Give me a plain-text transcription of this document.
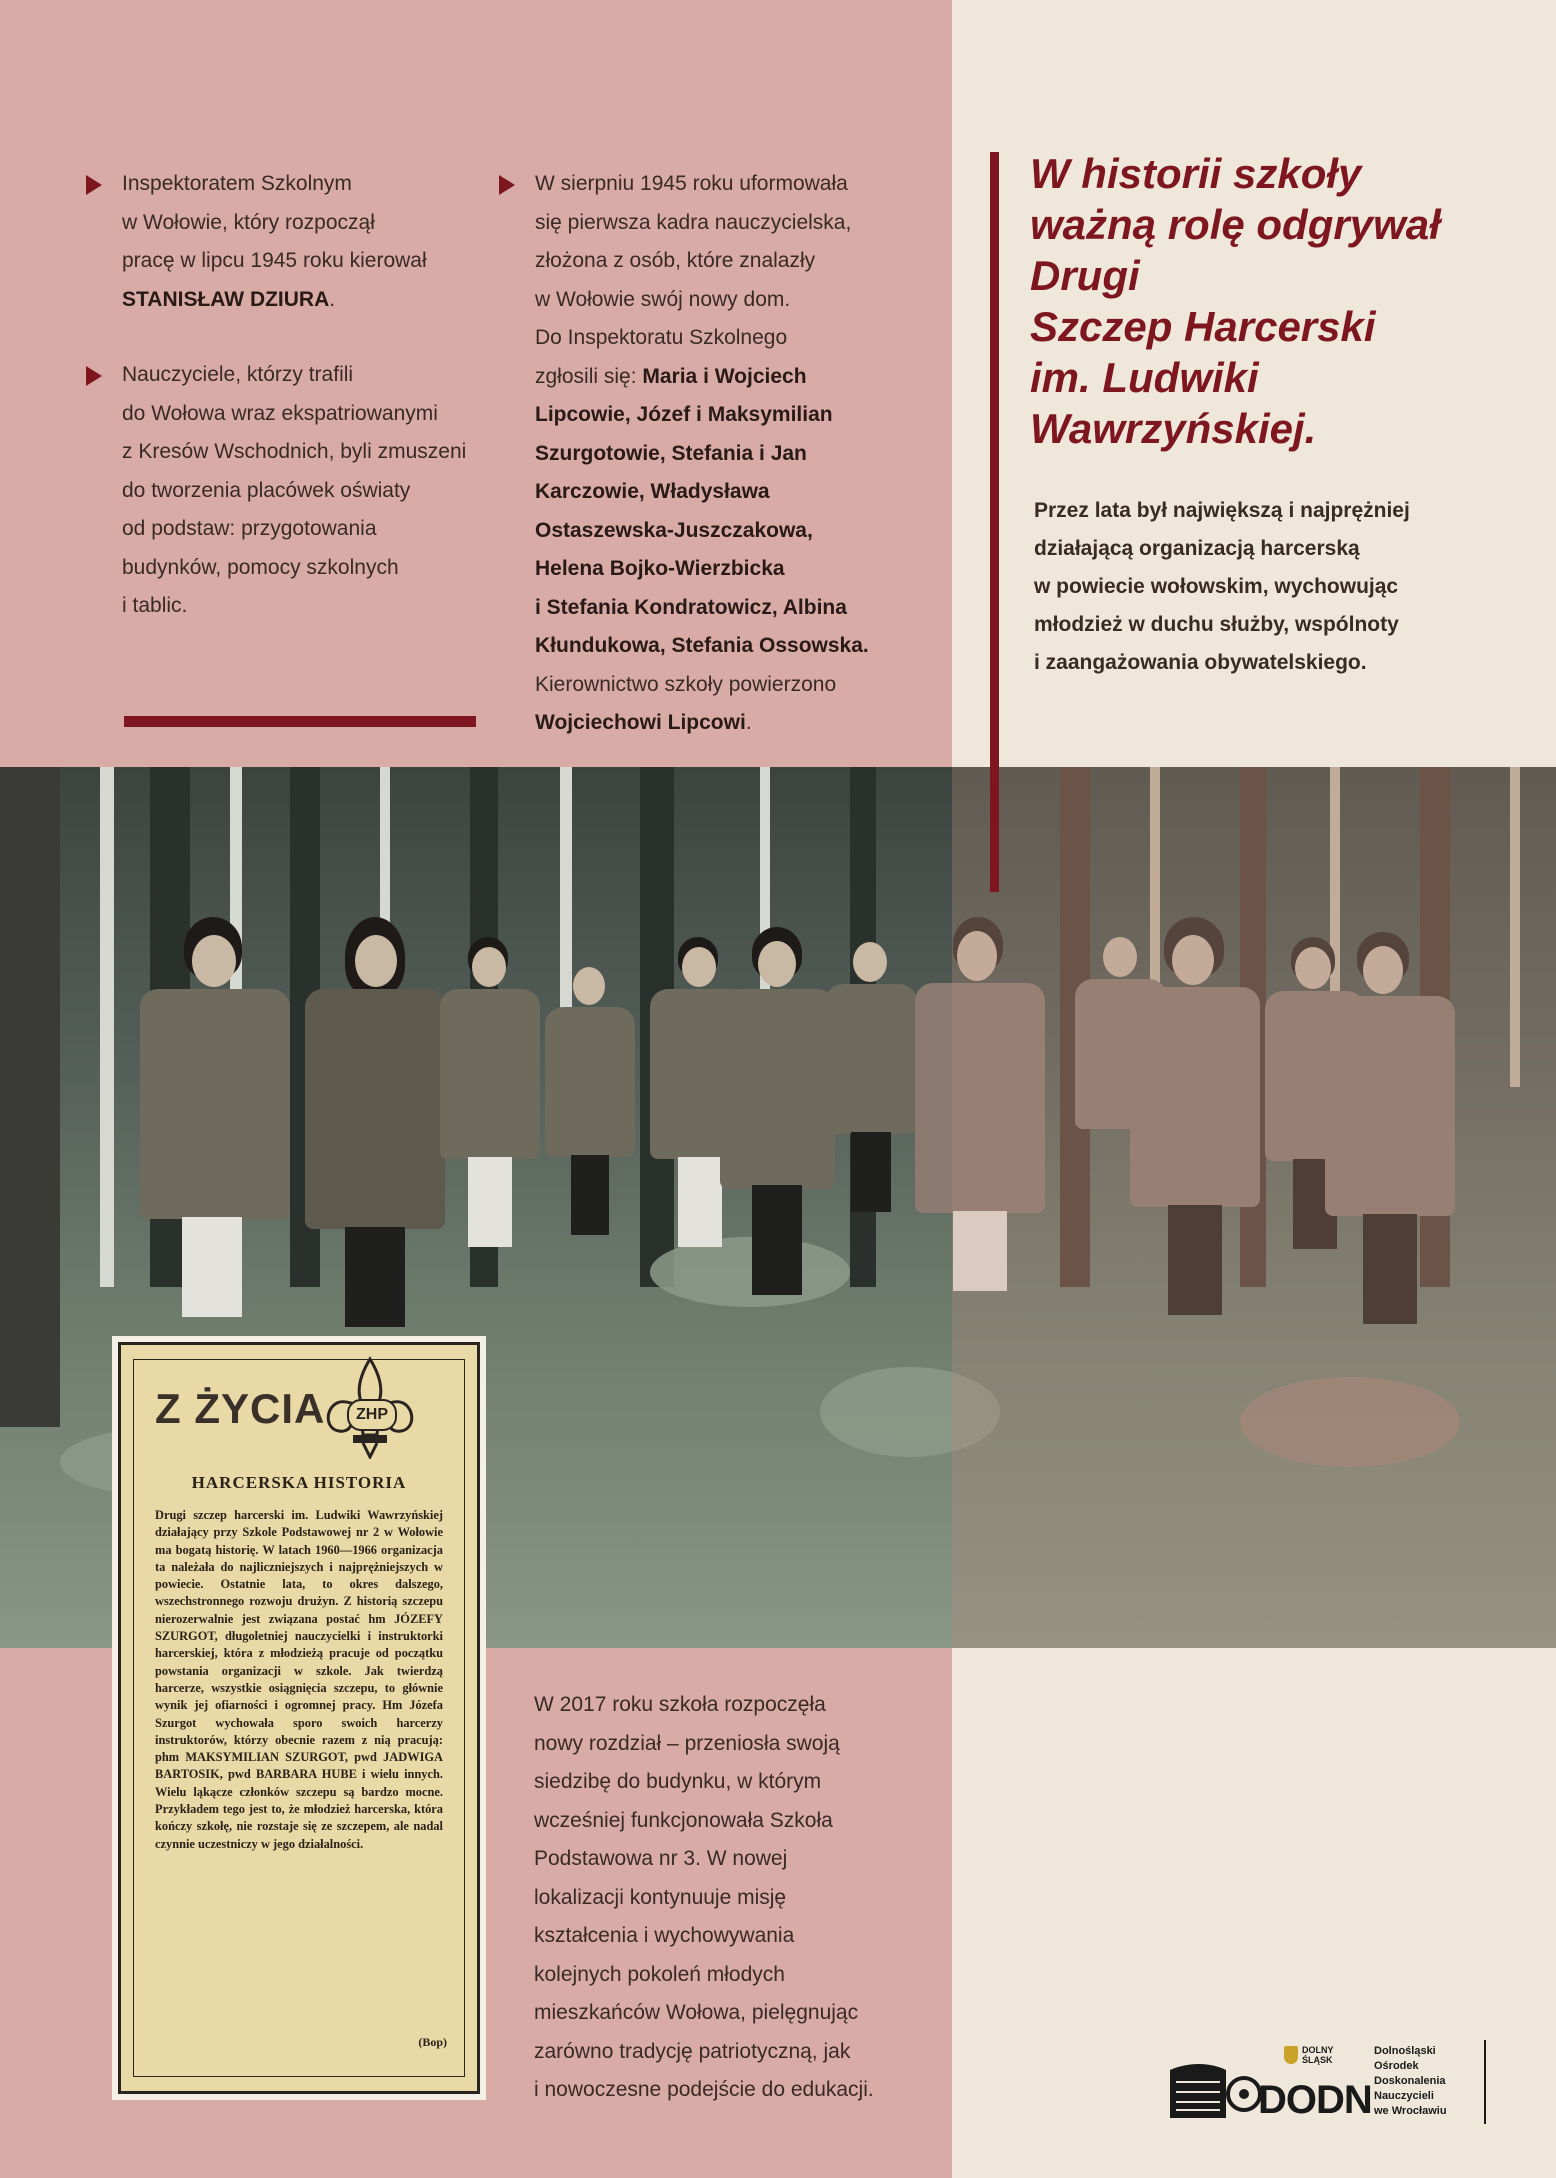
Inspektoratem Szkolnym
w Wołowie, który rozpoczął
pracę w lipcu 1945 roku kierował
STANISŁAW DZIURA.
Nauczyciele, którzy trafili
do Wołowa wraz ekspatriowanymi
z Kresów Wschodnich, byli zmuszeni
do tworzenia placówek oświaty
od podstaw: przygotowania
budynków, pomocy szkolnych
i tablic.
W sierpniu 1945 roku uformowała
się pierwsza kadra nauczycielska,
złożona z osób, które znalazły
w Wołowie swój nowy dom.
Do Inspektoratu Szkolnego
zgłosili się: Maria i Wojciech
Lipcowie, Józef i Maksymilian
Szurgotowie, Stefania i Jan
Karczowie, Władysława
Ostaszewska-Juszczakowa,
Helena Bojko-Wierzbicka
i Stefania Kondratowicz, Albina
Kłundukowa, Stefania Ossowska.
Kierownictwo szkoły powierzono
Wojciechowi Lipcowi.
W historii szkoły
ważną rolę odgrywał
Drugi
Szczep Harcerski
im. Ludwiki
Wawrzyńskiej.
Przez lata był największą i najprężniej
działającą organizacją harcerską
w powiecie wołowskim, wychowując
młodzież w duchu służby, wspólnoty
i zaangażowania obywatelskiego.
Z ŻYCIA	ZHP
HARCERSKA HISTORIA
Drugi szczep harcerski im. Ludwiki Wawrzyńskiej działający przy Szkole Podstawowej nr 2 w Wołowie ma bogatą historię. W latach 1960—1966 organizacja ta należała do najliczniejszych i najprężniejszych w powiecie. Ostatnie lata, to okres dalszego, wszechstronnego rozwoju drużyn. Z historią szczepu nierozerwalnie jest związana postać hm JÓZEFY SZURGOT, długoletniej nauczycielki i instruktorki harcerskiej, która z młodzieżą pracuje od początku powstania organizacji w szkole. Jak twierdzą harcerze, wszystkie osiągnięcia szczepu, to głównie wynik jej ofiarności i ogromnej pracy. Hm Józefa Szurgot wychowała sporo swoich harcerzy instruktorów, którzy obecnie razem z nią pracują: phm MAKSYMILIAN SZURGOT, pwd JADWIGA BARTOSIK, pwd BARBARA HUBE i wielu innych. Wielu ląkącze członków szczepu są bardzo mocne. Przykładem tego jest to, że młodzież harcerska, która kończy szkołę, nie rozstaje się ze szczepem, ale nadal czynnie uczestniczy w jego działalności.
(Bop)
W 2017 roku szkoła rozpoczęła
nowy rozdział – przeniosła swoją
siedzibę do budynku, w którym
wcześniej funkcjonowała Szkoła
Podstawowa nr 3. W nowej
lokalizacji kontynuuje misję
kształcenia i wychowywania
kolejnych pokoleń młodych
mieszkańców Wołowa, pielęgnując
zarówno tradycję patriotyczną, jak
i nowoczesne podejście do edukacji.
DOLNY
ŚLĄSK
DODN
Dolnośląski
Ośrodek
Doskonalenia
Nauczycieli
we Wrocławiu
